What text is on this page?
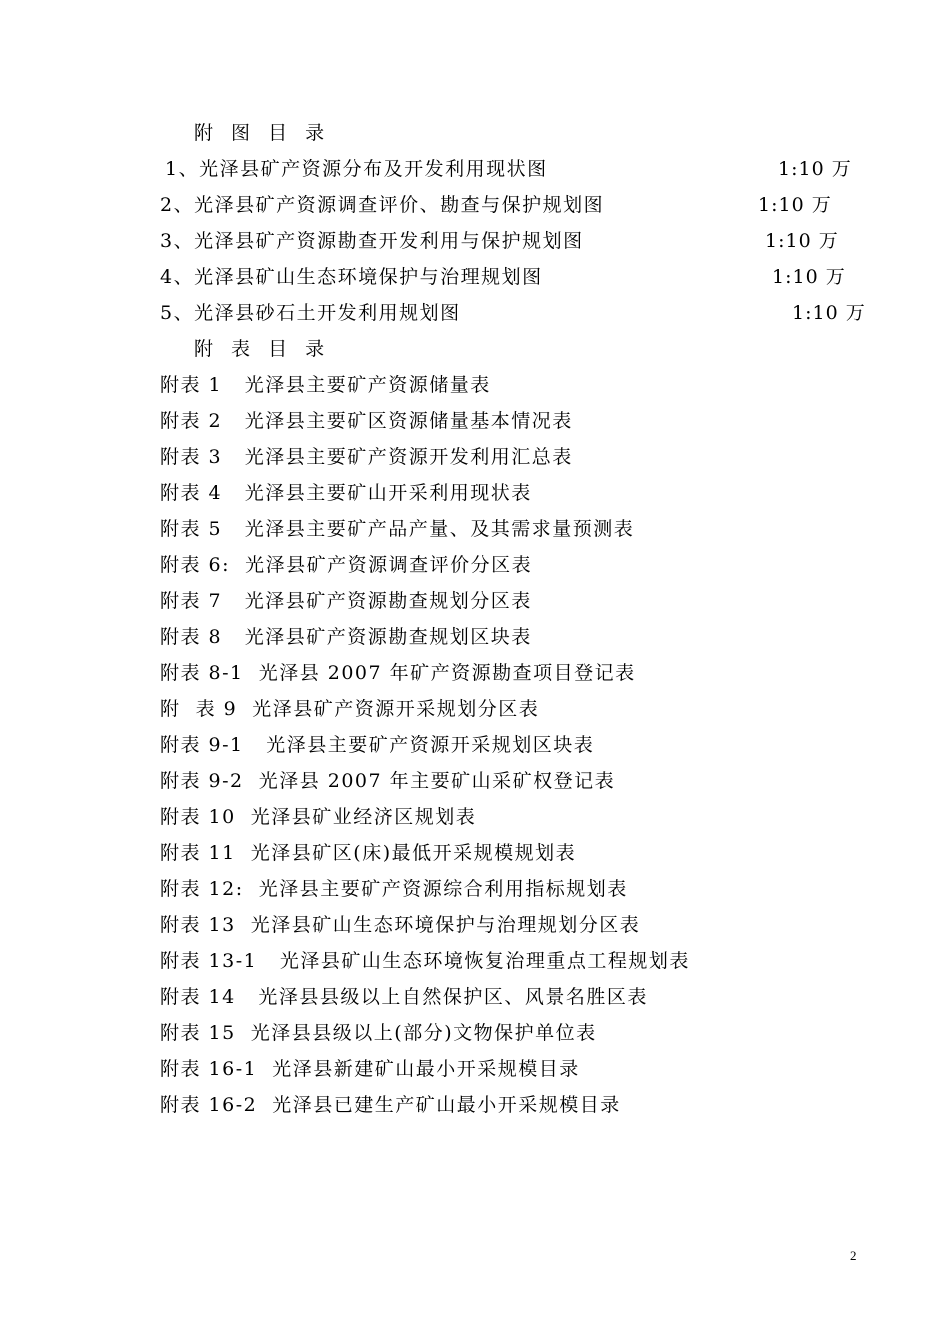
附 图 目 录
1、光泽县矿产资源分布及开发利用现状图	1:10 万
2、光泽县矿产资源调查评价、勘查与保护规划图	1:10 万
3、光泽县矿产资源勘查开发利用与保护规划图	1:10 万
4、光泽县矿山生态环境保护与治理规划图	1:10 万
5、光泽县砂石土开发利用规划图	1:10 万
附 表 目 录
附表 1   光泽县主要矿产资源储量表
附表 2   光泽县主要矿区资源储量基本情况表
附表 3   光泽县主要矿产资源开发利用汇总表
附表 4   光泽县主要矿山开采利用现状表
附表 5   光泽县主要矿产品产量、及其需求量预测表
附表 6:  光泽县矿产资源调查评价分区表
附表 7   光泽县矿产资源勘查规划分区表
附表 8   光泽县矿产资源勘查规划区块表
附表 8-1  光泽县 2007 年矿产资源勘查项目登记表
附  表 9  光泽县矿产资源开采规划分区表
附表 9-1   光泽县主要矿产资源开采规划区块表
附表 9-2  光泽县 2007 年主要矿山采矿权登记表
附表 10  光泽县矿业经济区规划表
附表 11  光泽县矿区(床)最低开采规模规划表
附表 12:  光泽县主要矿产资源综合利用指标规划表
附表 13  光泽县矿山生态环境保护与治理规划分区表
附表 13-1   光泽县矿山生态环境恢复治理重点工程规划表
附表 14   光泽县县级以上自然保护区、风景名胜区表
附表 15  光泽县县级以上(部分)文物保护单位表
附表 16-1  光泽县新建矿山最小开采规模目录
附表 16-2  光泽县已建生产矿山最小开采规模目录
2
